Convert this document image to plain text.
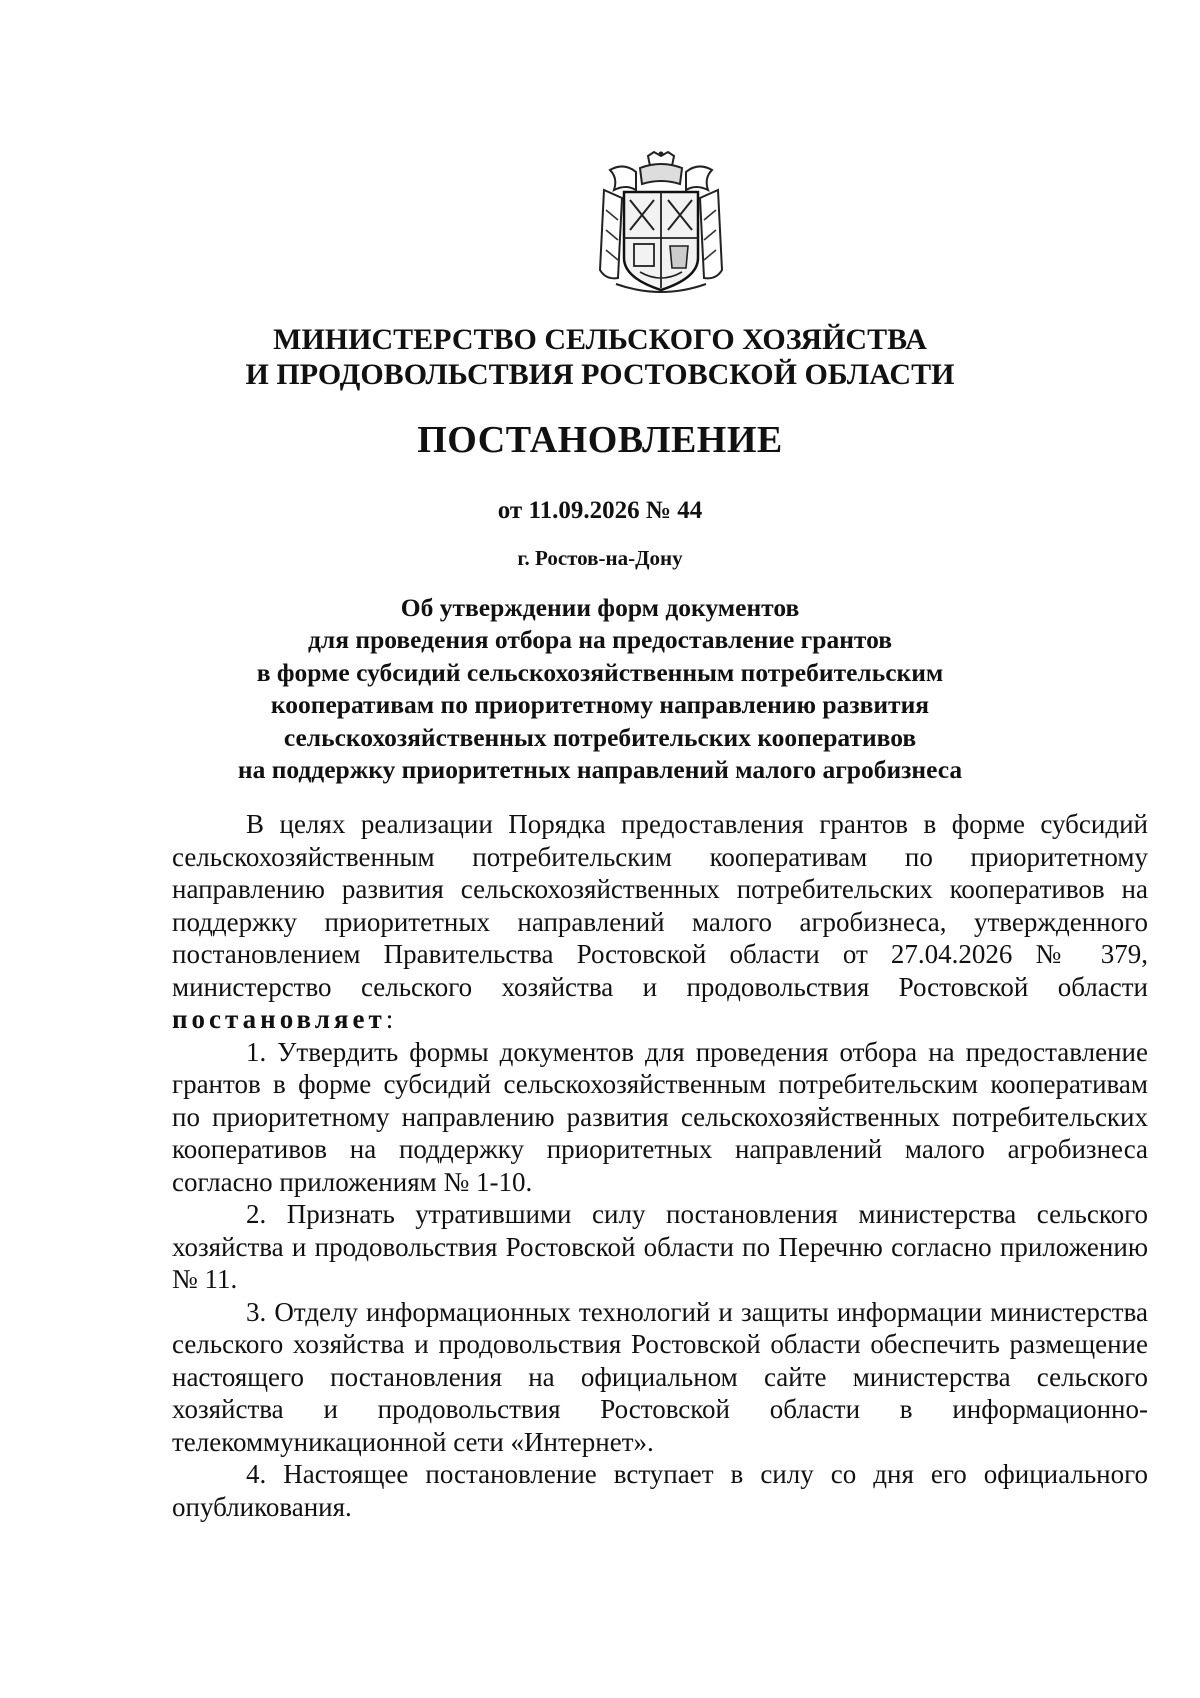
МИНИСТЕРСТВО СЕЛЬСКОГО ХОЗЯЙСТВА
И ПРОДОВОЛЬСТВИЯ РОСТОВСКОЙ ОБЛАСТИ
ПОСТАНОВЛЕНИЕ
от 11.09.2026 № 44
г. Ростов-на-Дону
Об утверждении форм документов
для проведения отбора на предоставление грантов
в форме субсидий сельскохозяйственным потребительским
кооперативам по приоритетному направлению развития
сельскохозяйственных потребительских кооперативов
на поддержку приоритетных направлений малого агробизнеса

В целях реализации Порядка предоставления грантов в форме субсидий сельскохозяйственным потребительским кооперативам по приоритетному направлению развития сельскохозяйственных потребительских кооперативов на поддержку приоритетных направлений малого агробизнеса, утвержденного постановлением Правительства Ростовской области от 27.04.2026 № 379, министерство сельского хозяйства и продовольствия Ростовской области постановляет:

1. Утвердить формы документов для проведения отбора на предоставление грантов в форме субсидий сельскохозяйственным потребительским кооперативам по приоритетному направлению развития сельскохозяйственных потребительских кооперативов на поддержку приоритетных направлений малого агробизнеса согласно приложениям № 1-10.

2. Признать утратившими силу постановления министерства сельского хозяйства и продовольствия Ростовской области по Перечню согласно приложению № 11.

3. Отделу информационных технологий и защиты информации министерства сельского хозяйства и продовольствия Ростовской области обеспечить размещение настоящего постановления на официальном сайте министерства сельского хозяйства и продовольствия Ростовской области в информационно-телекоммуникационной сети «Интернет».

4. Настоящее постановление вступает в силу со дня его официального опубликования.
